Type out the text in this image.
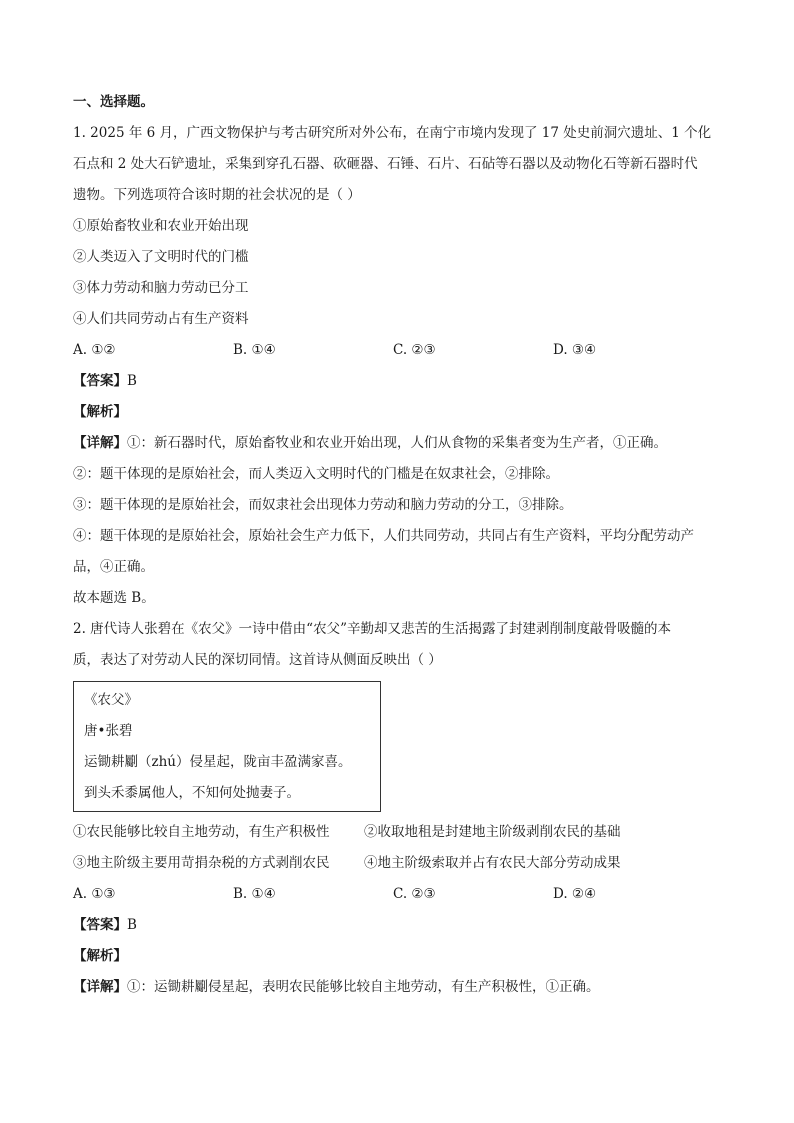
一、选择题。
1. 2025 年 6 月，广西文物保护与考古研究所对外公布，在南宁市境内发现了 17 处史前洞穴遗址、1 个化
石点和 2 处大石铲遗址，采集到穿孔石器、砍砸器、石锤、石片、石砧等石器以及动物化石等新石器时代
遗物。下列选项符合该时期的社会状况的是（ ）
①原始畜牧业和农业开始出现
②人类迈入了文明时代的门槛
③体力劳动和脑力劳动已分工
④人们共同劳动占有生产资料
A. ①②	B. ①④	C. ②③	D. ③④
【答案】B
【解析】
【详解】①：新石器时代，原始畜牧业和农业开始出现，人们从食物的采集者变为生产者，①正确。
②：题干体现的是原始社会，而人类迈入文明时代的门槛是在奴隶社会，②排除。
③：题干体现的是原始社会，而奴隶社会出现体力劳动和脑力劳动的分工，③排除。
④：题干体现的是原始社会，原始社会生产力低下，人们共同劳动，共同占有生产资料，平均分配劳动产
品，④正确。
故本题选 B。
2. 唐代诗人张碧在《农父》一诗中借由“农父”辛勤却又悲苦的生活揭露了封建剥削制度敲骨吸髓的本
质，表达了对劳动人民的深切同情。这首诗从侧面反映出（ ）
《农父》
唐•张碧
运锄耕劚（zhú）侵星起，陇亩丰盈满家喜。
到头禾黍属他人，不知何处抛妻子。
①农民能够比较自主地劳动，有生产积极性	②收取地租是封建地主阶级剥削农民的基础
③地主阶级主要用苛捐杂税的方式剥削农民	④地主阶级索取并占有农民大部分劳动成果
A. ①③	B. ①④	C. ②③	D. ②④
【答案】B
【解析】
【详解】①：运锄耕劚侵星起，表明农民能够比较自主地劳动，有生产积极性，①正确。
